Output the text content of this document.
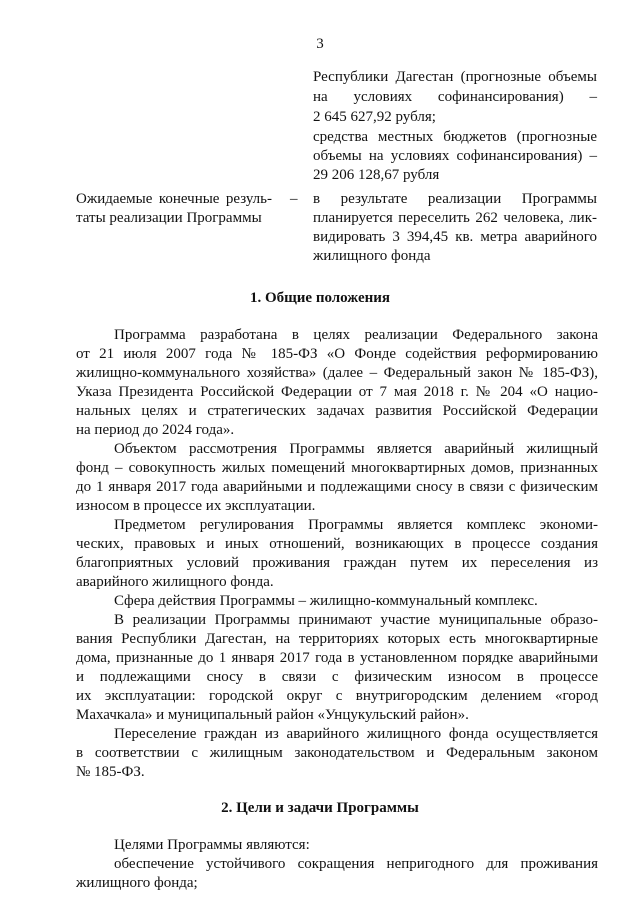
3
Республики Дагестан (прогнозные объемы
на условиях софинансирования) –
2 645 627,92 рубля;
средства местных бюджетов (прогнозные
объемы на условиях софинансирования) –
29 206 128,67 рубля
Ожидаемые конечные резуль-
таты реализации Программы
– в результате реализации Программы
планируется переселить 262 человека, лик-
видировать 3 394,45 кв. метра аварийного
жилищного фонда
1. Общие положения
Программа разработана в целях реализации Федерального закона
от 21 июля 2007 года № 185-ФЗ «О Фонде содействия реформированию
жилищно-коммунального хозяйства» (далее – Федеральный закон № 185-ФЗ),
Указа Президента Российской Федерации от 7 мая 2018 г. № 204 «О нацио-
нальных целях и стратегических задачах развития Российской Федерации
на период до 2024 года».
Объектом рассмотрения Программы является аварийный жилищный
фонд – совокупность жилых помещений многоквартирных домов, признанных
до 1 января 2017 года аварийными и подлежащими сносу в связи с физическим
износом в процессе их эксплуатации.
Предметом регулирования Программы является комплекс экономи-
ческих, правовых и иных отношений, возникающих в процессе создания
благоприятных условий проживания граждан путем их переселения из
аварийного жилищного фонда.
Сфера действия Программы – жилищно-коммунальный комплекс.
В реализации Программы принимают участие муниципальные образо-
вания Республики Дагестан, на территориях которых есть многоквартирные
дома, признанные до 1 января 2017 года в установленном порядке аварийными
и подлежащими сносу в связи с физическим износом в процессе
их эксплуатации: городской округ с внутригородским делением «город
Махачкала» и муниципальный район «Унцукульский район».
Переселение граждан из аварийного жилищного фонда осуществляется
в соответствии с жилищным законодательством и Федеральным законом
№ 185-ФЗ.
2. Цели и задачи Программы
Целями Программы являются:
обеспечение устойчивого сокращения непригодного для проживания
жилищного фонда;
